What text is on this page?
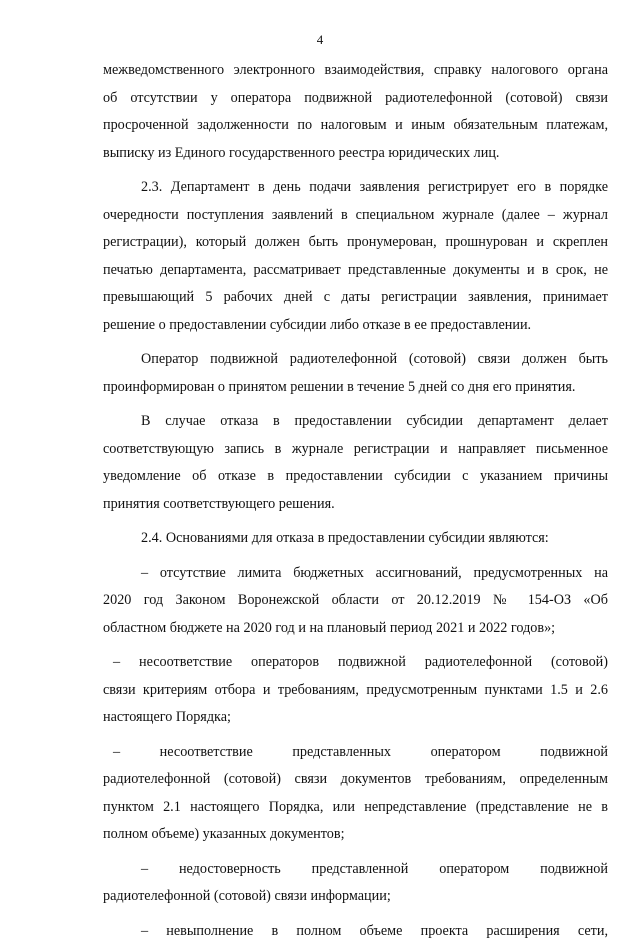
4
межведомственного электронного взаимодействия, справку налогового органа
об отсутствии у оператора подвижной радиотелефонной (сотовой) связи
просроченной задолженности по налоговым и иным обязательным платежам,
выписку из Единого государственного реестра юридических лиц.
2.3. Департамент в день подачи заявления регистрирует его в порядке
очередности поступления заявлений в специальном журнале (далее – журнал
регистрации), который должен быть пронумерован, прошнурован и скреплен
печатью департамента, рассматривает представленные документы и в срок, не
превышающий 5 рабочих дней с даты регистрации заявления, принимает
решение о предоставлении субсидии либо отказе в ее предоставлении.
Оператор подвижной радиотелефонной (сотовой) связи должен быть
проинформирован о принятом решении в течение 5 дней со дня его принятия.
В случае отказа в предоставлении субсидии департамент делает
соответствующую запись в журнале регистрации и направляет письменное
уведомление об отказе в предоставлении субсидии с указанием причины
принятия соответствующего решения.
2.4. Основаниями для отказа в предоставлении субсидии являются:
– отсутствие лимита бюджетных ассигнований, предусмотренных на
2020 год Законом Воронежской области от 20.12.2019 № 154-ОЗ «Об
областном бюджете на 2020 год и на плановый период 2021 и 2022 годов»;
– несоответствие операторов подвижной радиотелефонной (сотовой)
связи критериям отбора и требованиям, предусмотренным пунктами 1.5 и 2.6
настоящего Порядка;
– несоответствие представленных оператором подвижной
радиотелефонной (сотовой) связи документов требованиям, определенным
пунктом 2.1 настоящего Порядка, или непредставление (представление не в
полном объеме) указанных документов;
– недостоверность представленной оператором подвижной
радиотелефонной (сотовой) связи информации;
– невыполнение в полном объеме проекта расширения сети,
